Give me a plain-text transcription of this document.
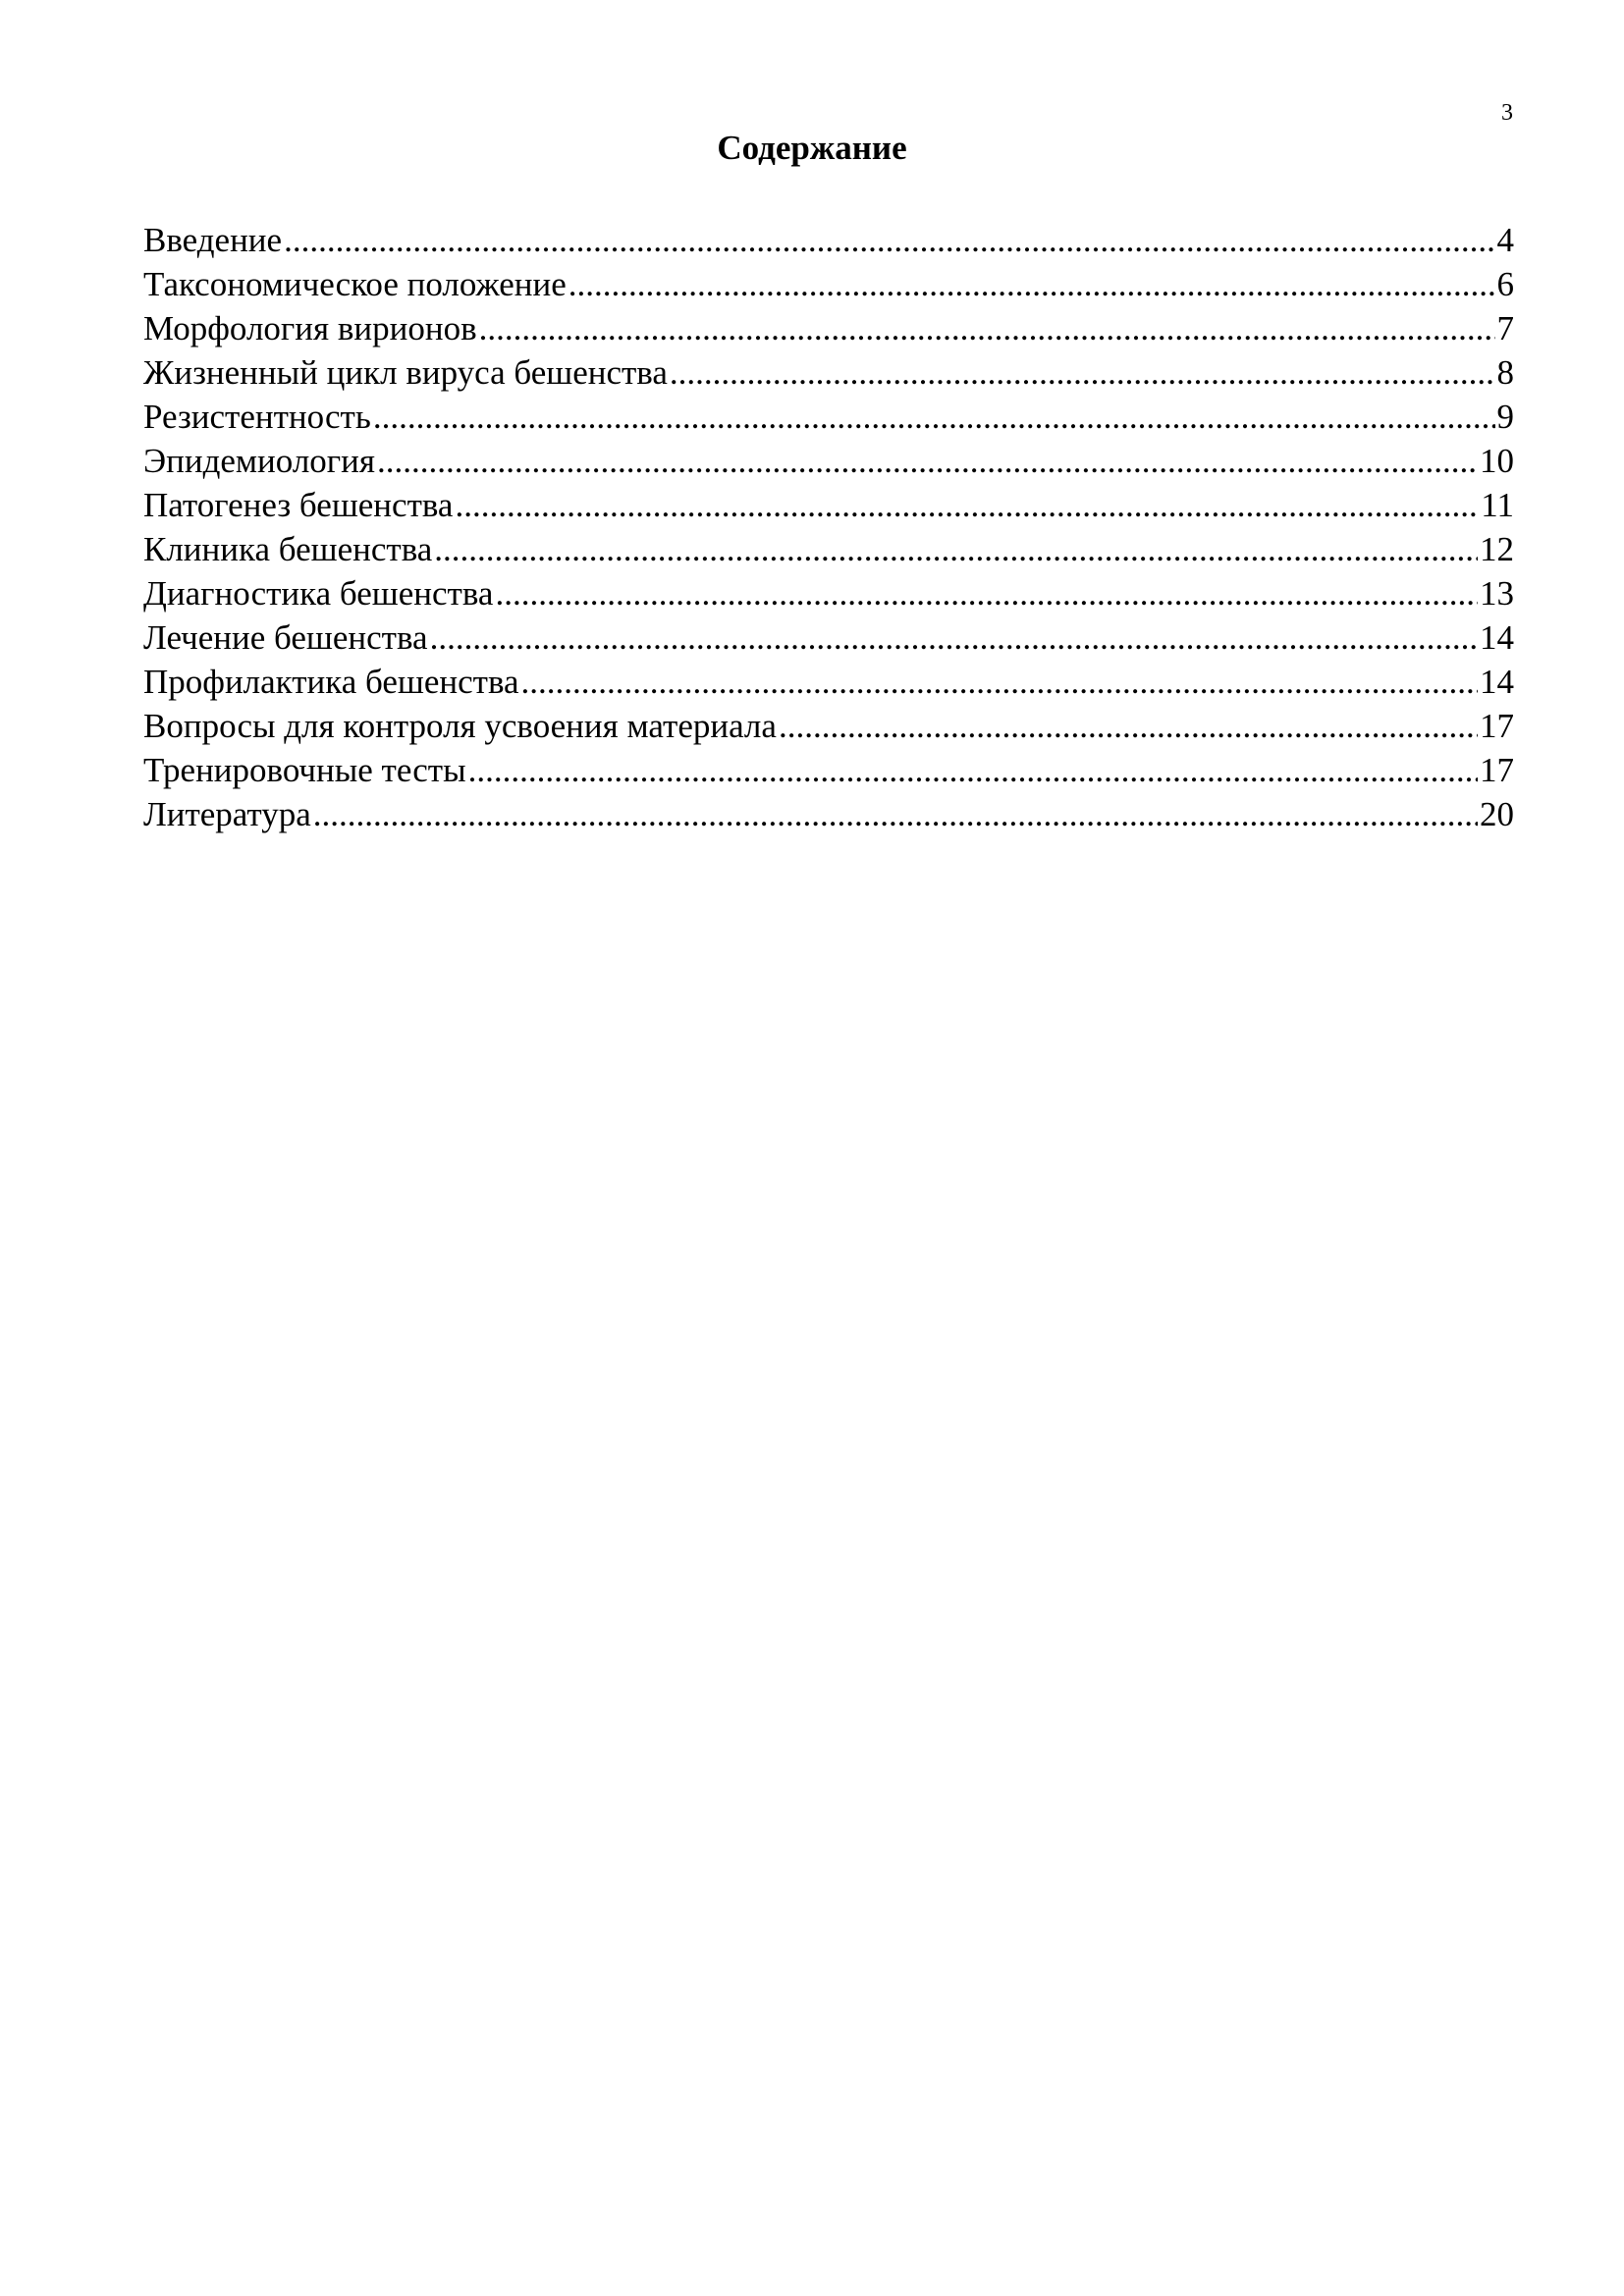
3
Содержание
Введение .....	4
Таксономическое положение .....	6
Морфология вирионов .....	7
Жизненный цикл вируса бешенства .....	8
Резистентность .....	9
Эпидемиология .....	10
Патогенез бешенства .....	11
Клиника бешенства .....	12
Диагностика бешенства .....	13
Лечение бешенства .....	14
Профилактика бешенства .....	14
Вопросы для контроля усвоения материала .....	17
Тренировочные тесты .....	17
Литература .....	20
